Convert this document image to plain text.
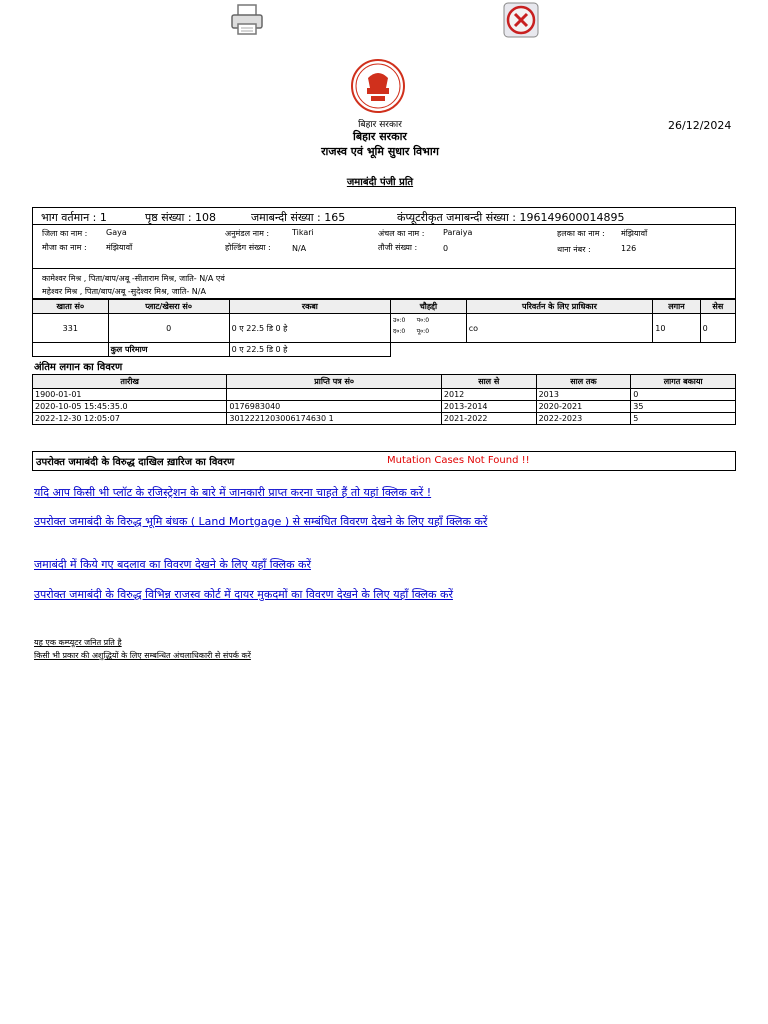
बिहार सरकार
बिहार सरकार
राजस्व एवं भूमि सुधार विभाग
26/12/2024
जमाबंदी पंजी प्रति
भाग वर्तमान : 1	पृष्ठ संख्या : 108	जमाबन्दी संख्या : 165	कंप्यूटरीकृत जमाबन्दी संख्या : 196149600014895
जिला का नाम : Gaya	अनुमंडल नाम :	Tikari	अंचल का नाम : Paraiya	हलका का नाम : मंझियावाँ
मौजा का नाम : मंझियावाँ	होल्डिंग संख्या :	N/A	तौजी संख्या :	0	थाना नंबर :	126
कामेश्वर मिश्र , पिता/बाप/अबू -सीताराम मिश्र, जाति- N/A एवं
महेश्वर मिश्र , पिता/बाप/अबू -सुदेश्वर मिश्र, जाति- N/A
खाता सं०	प्लाट/खेसरा सं०	रकबा	चौहद्दी	परिवर्तन के लिए प्राधिकार	लगान	सेस
331	0	0 ए 22.5 डि 0 हे	उ०:0 प०:0
द०:0 पू०:0	co	10	0
	कुल परिमाण	0 ए 22.5 डि 0 हे				
अंतिम लगान का विवरण
तारीख	प्राप्ति पत्र सं०	साल से	साल तक	लागत बकाया
1900-01-01		2012	2013	0
2020-10-05 15:45:35.0	0176983040	2013-2014	2020-2021	35
2022-12-30 12:05:07	3012221203006174630 1	2021-2022	2022-2023	5
उपरोक्त जमाबंदी के विरुद्ध दाखिल ख़ारिज का विवरण	Mutation Cases Not Found !!
यदि आप किसी भी प्लॉट के रजिस्ट्रेशन के बारे में जानकारी प्राप्त करना चाहते हैं तो यहां क्लिक करें !
उपरोक्त जमाबंदी के विरुद्ध भूमि बंधक ( Land Mortgage ) से सम्बंधित विवरण देखने के लिए यहाँ क्लिक करें
जमाबंदी में किये गए बदलाव का विवरण देखने के लिए यहाँ क्लिक करें
उपरोक्त जमाबंदी के विरुद्ध विभिन्न राजस्व कोर्ट में दायर मुकदमों का विवरण देखने के लिए यहाँ क्लिक करें
यह एक कम्प्यूटर जनित प्रति है
किसी भी प्रकार की अशुद्धियों के लिए सम्बन्धित अंचलाधिकारी से संपर्क करें
